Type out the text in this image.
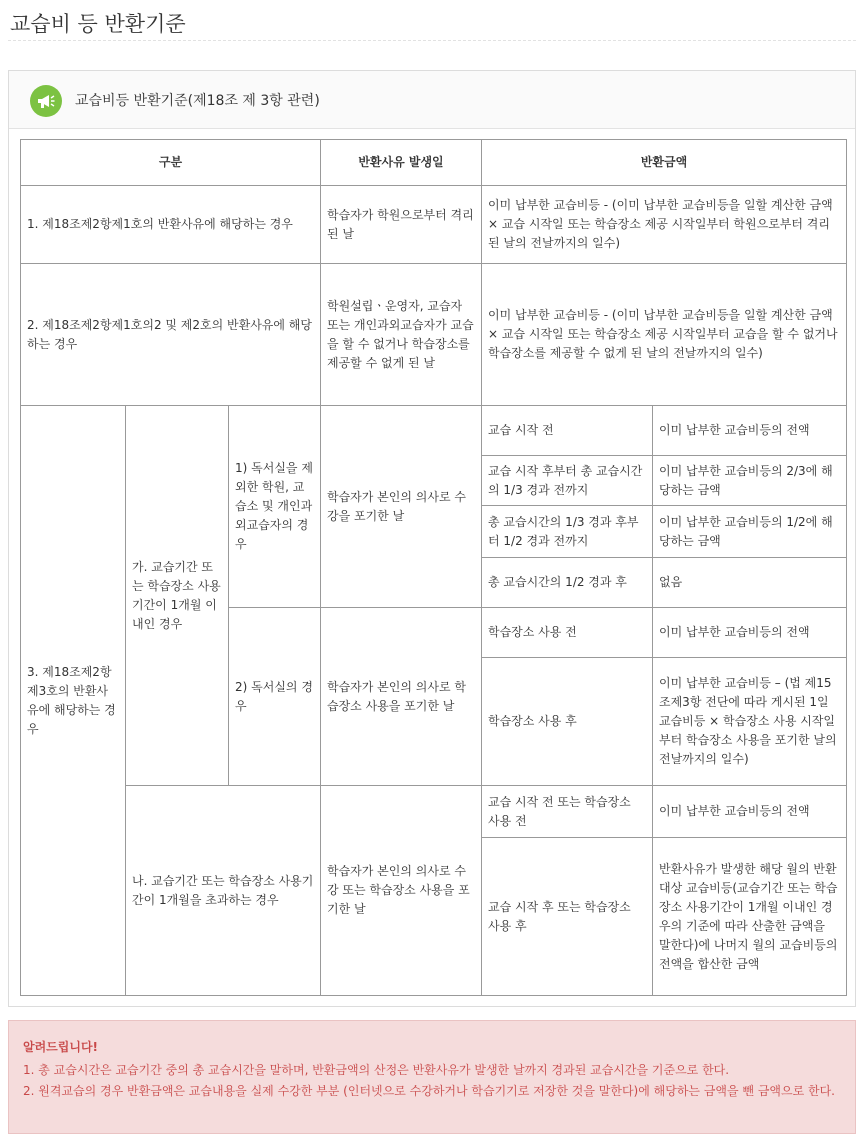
교습비 등 반환기준
교습비등 반환기준(제18조 제 3항 관련)
구분			반환사유 발생일	반환금액	
1. 제18조제2항제1호의 반환사유에 해당하는 경우			학습자가 학원으로부터 격리된 날	이미 납부한 교습비등 - (이미 납부한 교습비등을 일할 계산한 금액 × 교습 시작일 또는 학습장소 제공 시작일부터 학원으로부터 격리된 날의 전날까지의 일수)	
2. 제18조제2항제1호의2 및 제2호의 반환사유에 해당하는 경우			학원설립ㆍ운영자, 교습자 또는 개인과외교습자가 교습을 할 수 없거나 학습장소를 제공할 수 없게 된 날	이미 납부한 교습비등 - (이미 납부한 교습비등을 일할 계산한 금액 × 교습 시작일 또는 학습장소 제공 시작일부터 교습을 할 수 없거나 학습장소를 제공할 수 없게 된 날의 전날까지의 일수)	
3. 제18조제2항제3호의 반환사유에 해당하는 경우	가. 교습기간 또는 학습장소 사용기간이 1개월 이내인 경우	1) 독서실을 제외한 학원, 교습소 및 개인과외교습자의 경우	학습자가 본인의 의사로 수강을 포기한 날	교습 시작 전	이미 납부한 교습비등의 전액
				교습 시작 후부터 총 교습시간의 1/3 경과 전까지	이미 납부한 교습비등의 2/3에 해당하는 금액
				총 교습시간의 1/3 경과 후부터 1/2 경과 전까지	이미 납부한 교습비등의 1/2에 해당하는 금액
				총 교습시간의 1/2 경과 후	없음
		2) 독서실의 경우	학습자가 본인의 의사로 학습장소 사용을 포기한 날	학습장소 사용 전	이미 납부한 교습비등의 전액
				학습장소 사용 후	이미 납부한 교습비등 – (법 제15조제3항 전단에 따라 게시된 1일 교습비등 × 학습장소 사용 시작일부터 학습장소 사용을 포기한 날의 전날까지의 일수)
	나. 교습기간 또는 학습장소 사용기간이 1개월을 초과하는 경우		학습자가 본인의 의사로 수강 또는 학습장소 사용을 포기한 날	교습 시작 전 또는 학습장소 사용 전	이미 납부한 교습비등의 전액
				교습 시작 후 또는 학습장소 사용 후	반환사유가 발생한 해당 월의 반환 대상 교습비등(교습기간 또는 학습장소 사용기간이 1개월 이내인 경우의 기준에 따라 산출한 금액을 말한다)에 나머지 월의 교습비등의 전액을 합산한 금액
알려드립니다!
1. 총 교습시간은 교습기간 중의 총 교습시간을 말하며, 반환금액의 산정은 반환사유가 발생한 날까지 경과된 교습시간을 기준으로 한다.
2. 원격교습의 경우 반환금액은 교습내용을 실제 수강한 부분 (인터넷으로 수강하거나 학습기기로 저장한 것을 말한다)에 해당하는 금액을 뺀 금액으로 한다.
